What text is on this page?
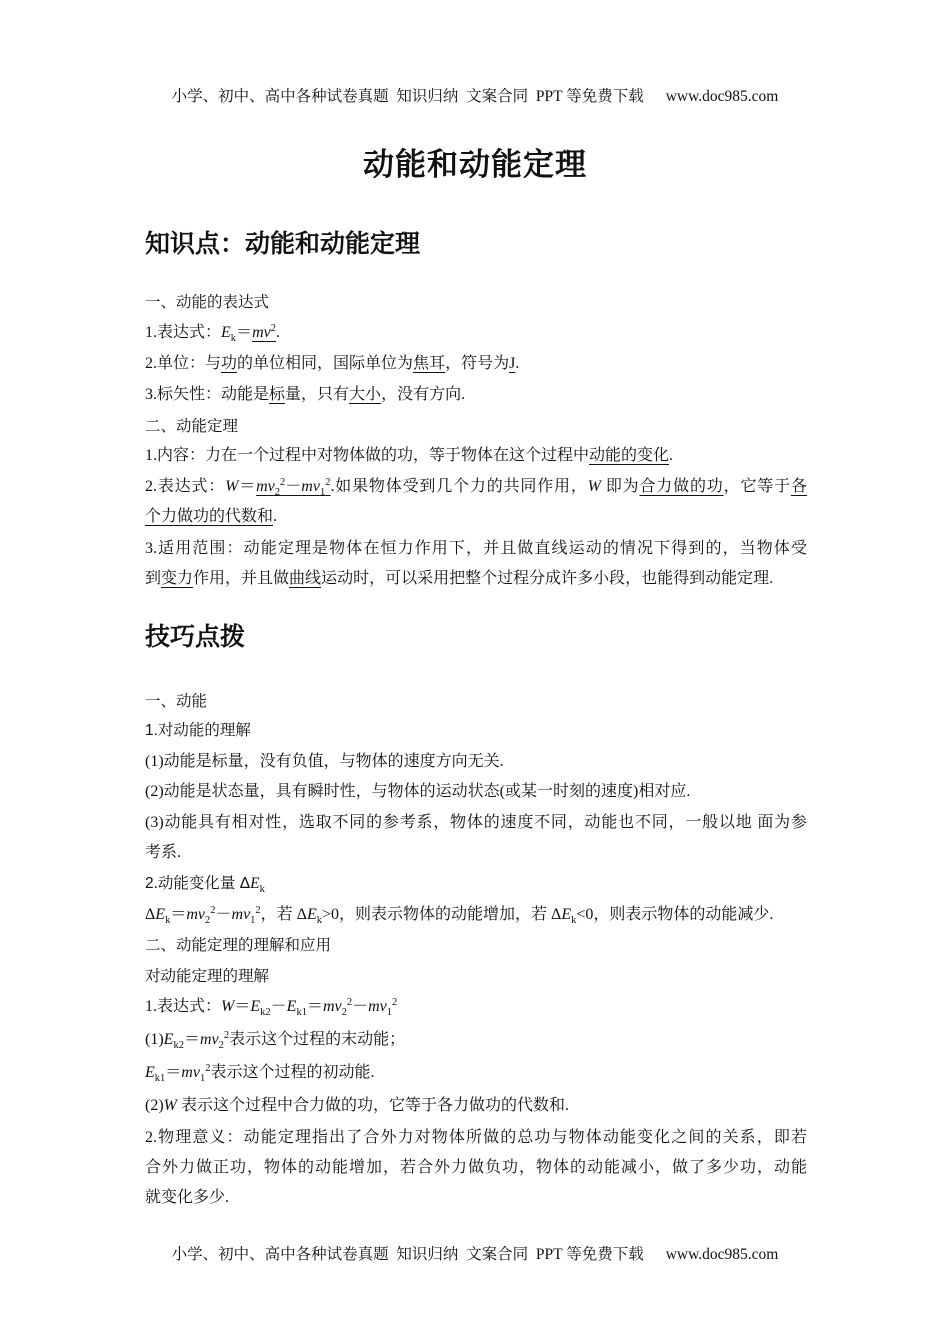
小学、初中、高中各种试卷真题  知识归纳  文案合同  PPT 等免费下载 www.doc985.com
动能和动能定理
知识点：动能和动能定理
一、动能的表达式
1.表达式：$E_k=mv^2$.
2.单位：与功的单位相同，国际单位为焦耳，符号为J.
3.标矢性：动能是标量，只有大小，没有方向.
二、动能定理
1.内容：力在一个过程中对物体做的功，等于物体在这个过程中动能的变化.
2.表达式：$W=mv_2^2-mv_1^2$.如果物体受到几个力的共同作用，W 即为合力做的功，它等于各
个力做功的代数和.
3.适用范围：动能定理是物体在恒力作用下，并且做直线运动的情况下得到的，当物体受
到变力作用，并且做曲线运动时，可以采用把整个过程分成许多小段，也能得到动能定理.
技巧点拨
一、动能
1.对动能的理解
(1)动能是标量，没有负值，与物体的速度方向无关.
(2)动能是状态量，具有瞬时性，与物体的运动状态(或某一时刻的速度)相对应.
(3)动能具有相对性，选取不同的参考系，物体的速度不同，动能也不同，一般以地 面为参
考系.
2.动能变化量 $\Delta E_k$
$\Delta E_k=mv_2^2-mv_1^2$，若 $\Delta E_k>0$，则表示物体的动能增加，若 $\Delta E_k<0$，则表示物体的动能减少.
二、动能定理的理解和应用
对动能定理的理解
1.表达式：$W=E_{k2}-E_{k1}=mv_2^2-mv_1^2$
$(1)E_{k2}=mv_2^2$表示这个过程的末动能；
$E_{k1}=mv_1^2$表示这个过程的初动能.
(2)W 表示这个过程中合力做的功，它等于各力做功的代数和.
2.物理意义：动能定理指出了合外力对物体所做的总功与物体动能变化之间的关系，即若
合外力做正功，物体的动能增加，若合外力做负功，物体的动能减小，做了多少功，动能
就变化多少.
小学、初中、高中各种试卷真题  知识归纳  文案合同  PPT 等免费下载 www.doc985.com
